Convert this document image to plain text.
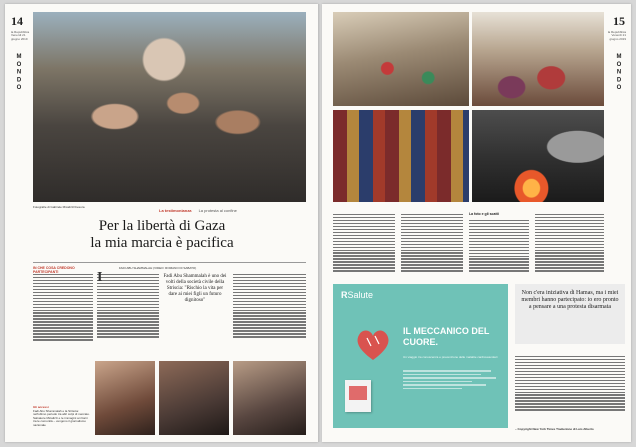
14
la Repubblica
Venerdì 21 giugno 2019
MONDO
Fotografie di Gabriele Micalizzi/Cesura
La testimonianza La protesta al confine
Per la libertà di Gaza
la mia marcia è pacifica
IN CHE COSA CREDONO PARTECIPANTI
FADI ABU SHAMMALAH (VIDEO: ROMANO DI SABATO)
I	Fadi Abu Shammalah è uno dei volti della società civile della Striscia: "Rischio la vita per dare ai miei figli un futuro dignitoso"
Gli accessi
Fadi Abu Shammalah e la Striscia: nell'ultimo periodo tra altri colpi di mercato. Salvatore Micalizzi e le immagini ai ritorni tra le comunità – vengono il giornalismo nazionale
15
la Repubblica
Venerdì 21 giugno 2019
MONDO
La foto e gli scatti
– Copyright New York Times Traduzione di Luis Alberto
RSalute
IL MECCANICO DEL CUORE.
Un viaggio tra conoscenza e prevenzione delle malattie cardiovascolari
Non c'era iniziativa di Hamas, ma i miei membri hanno partecipato: io ero pronto a pensare a una protesta disarmata
